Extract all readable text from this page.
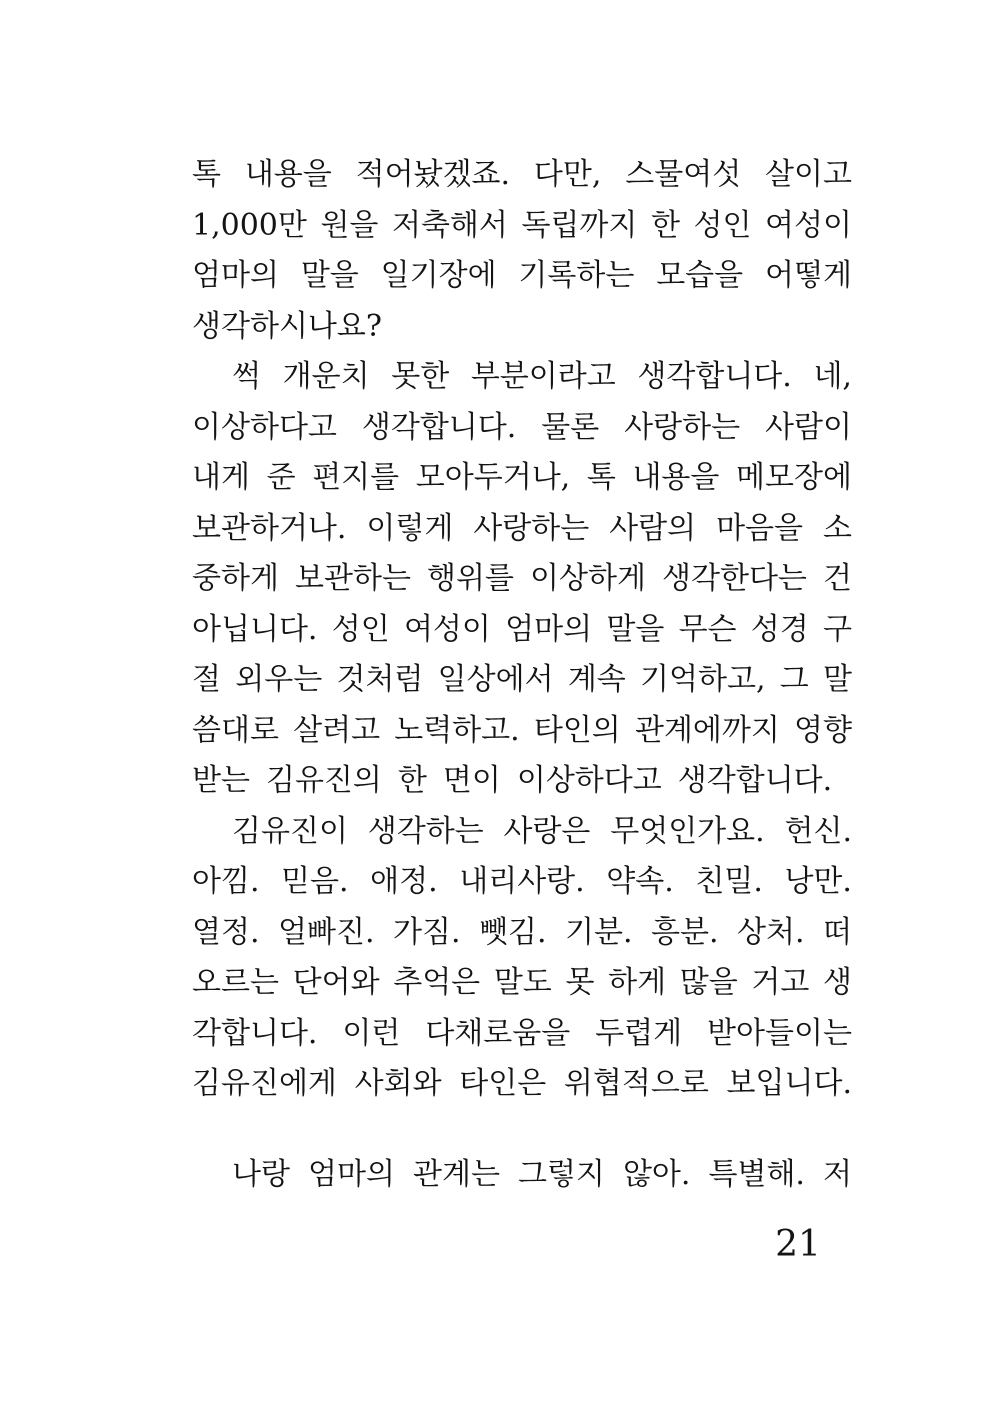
톡 내용을 적어놨겠죠. 다만, 스물여섯 살이고
1,000만 원을 저축해서 독립까지 한 성인 여성이
엄마의 말을 일기장에 기록하는 모습을 어떻게
생각하시나요?
썩 개운치 못한 부분이라고 생각합니다. 네,
이상하다고 생각합니다. 물론 사랑하는 사람이
내게 준 편지를 모아두거나, 톡 내용을 메모장에
보관하거나. 이렇게 사랑하는 사람의 마음을 소
중하게 보관하는 행위를 이상하게 생각한다는 건
아닙니다. 성인 여성이 엄마의 말을 무슨 성경 구
절 외우는 것처럼 일상에서 계속 기억하고, 그 말
씀대로 살려고 노력하고. 타인의 관계에까지 영향
받는 김유진의 한 면이 이상하다고 생각합니다.
김유진이 생각하는 사랑은 무엇인가요. 헌신.
아낌. 믿음. 애정. 내리사랑. 약속. 친밀. 낭만.
열정. 얼빠진. 가짐. 뺏김. 기분. 흥분. 상처. 떠
오르는 단어와 추억은 말도 못 하게 많을 거고 생
각합니다. 이런 다채로움을 두렵게 받아들이는
김유진에게 사회와 타인은 위협적으로 보입니다.
나랑 엄마의 관계는 그렇지 않아. 특별해. 저
21
